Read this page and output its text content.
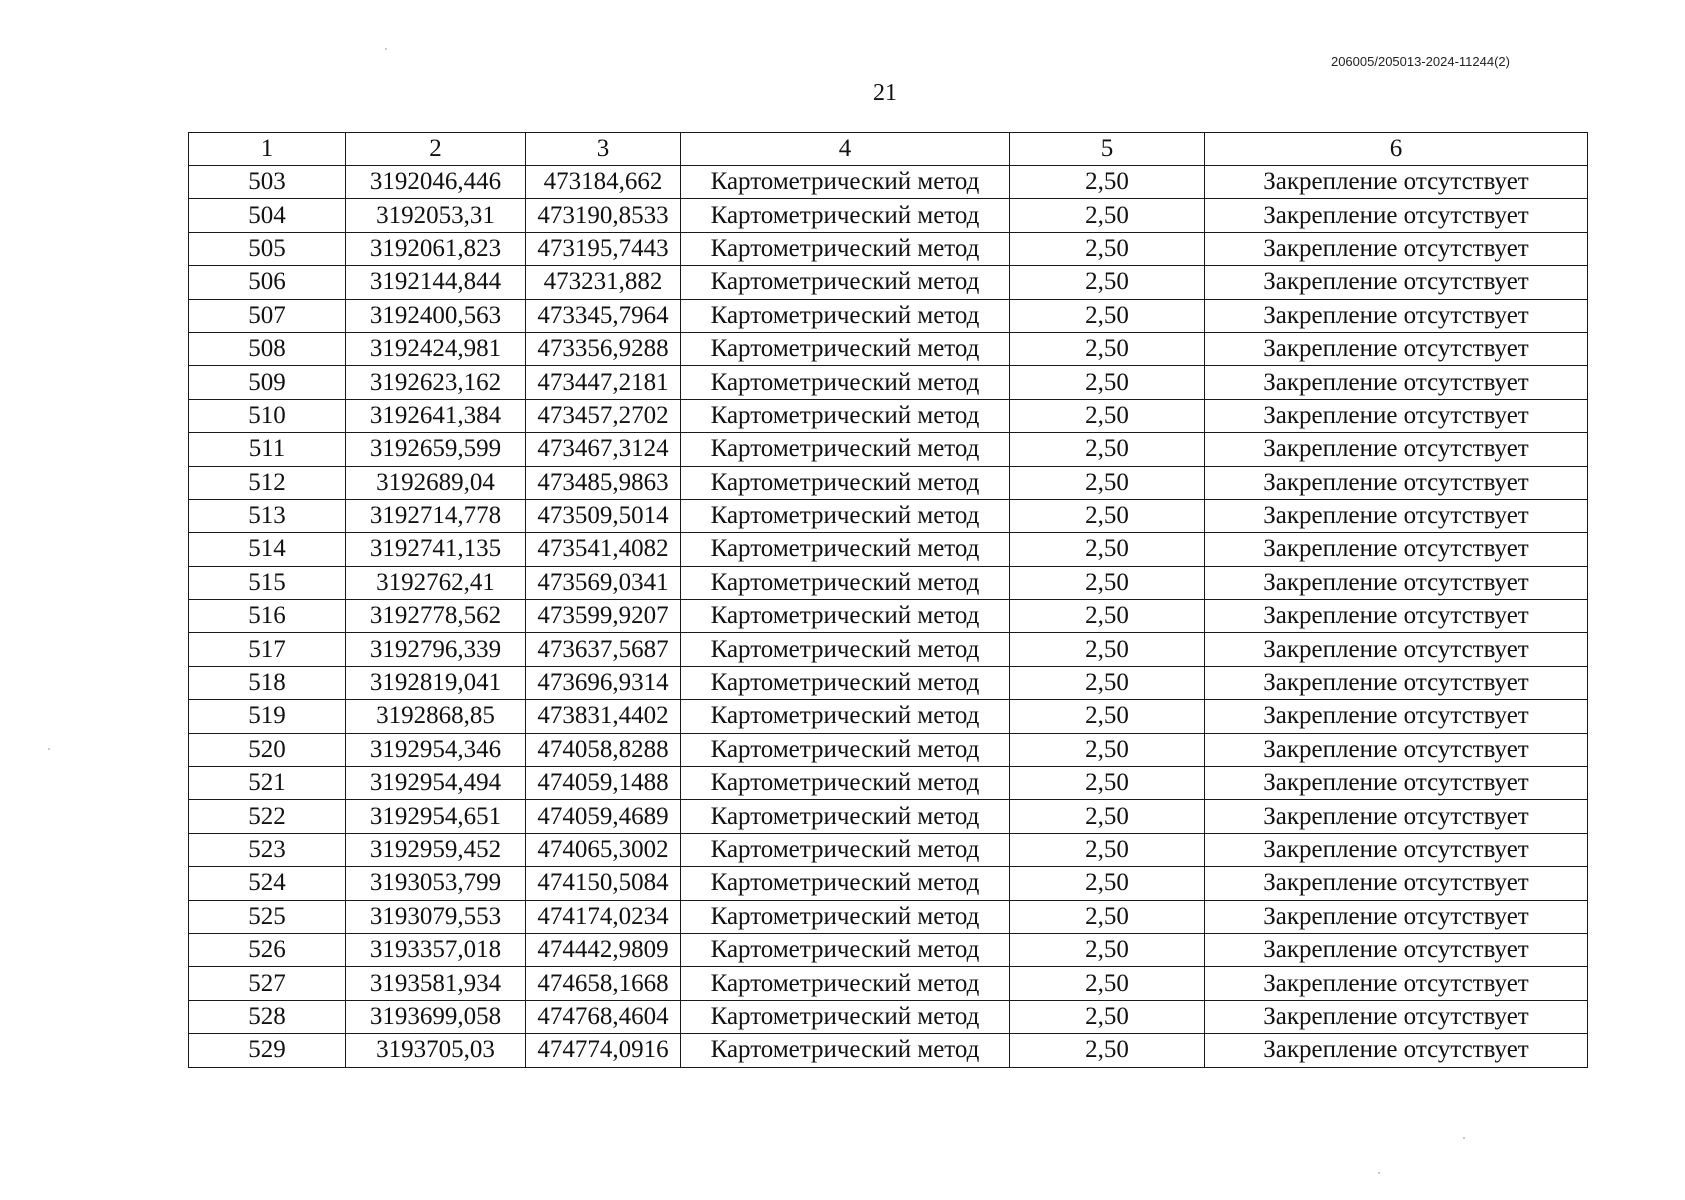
206005/205013-2024-11244(2)
21
1	2	3	4	5	6
503	3192046,446	473184,662	Картометрический метод	2,50	Закрепление отсутствует
504	3192053,31	473190,8533	Картометрический метод	2,50	Закрепление отсутствует
505	3192061,823	473195,7443	Картометрический метод	2,50	Закрепление отсутствует
506	3192144,844	473231,882	Картометрический метод	2,50	Закрепление отсутствует
507	3192400,563	473345,7964	Картометрический метод	2,50	Закрепление отсутствует
508	3192424,981	473356,9288	Картометрический метод	2,50	Закрепление отсутствует
509	3192623,162	473447,2181	Картометрический метод	2,50	Закрепление отсутствует
510	3192641,384	473457,2702	Картометрический метод	2,50	Закрепление отсутствует
511	3192659,599	473467,3124	Картометрический метод	2,50	Закрепление отсутствует
512	3192689,04	473485,9863	Картометрический метод	2,50	Закрепление отсутствует
513	3192714,778	473509,5014	Картометрический метод	2,50	Закрепление отсутствует
514	3192741,135	473541,4082	Картометрический метод	2,50	Закрепление отсутствует
515	3192762,41	473569,0341	Картометрический метод	2,50	Закрепление отсутствует
516	3192778,562	473599,9207	Картометрический метод	2,50	Закрепление отсутствует
517	3192796,339	473637,5687	Картометрический метод	2,50	Закрепление отсутствует
518	3192819,041	473696,9314	Картометрический метод	2,50	Закрепление отсутствует
519	3192868,85	473831,4402	Картометрический метод	2,50	Закрепление отсутствует
520	3192954,346	474058,8288	Картометрический метод	2,50	Закрепление отсутствует
521	3192954,494	474059,1488	Картометрический метод	2,50	Закрепление отсутствует
522	3192954,651	474059,4689	Картометрический метод	2,50	Закрепление отсутствует
523	3192959,452	474065,3002	Картометрический метод	2,50	Закрепление отсутствует
524	3193053,799	474150,5084	Картометрический метод	2,50	Закрепление отсутствует
525	3193079,553	474174,0234	Картометрический метод	2,50	Закрепление отсутствует
526	3193357,018	474442,9809	Картометрический метод	2,50	Закрепление отсутствует
527	3193581,934	474658,1668	Картометрический метод	2,50	Закрепление отсутствует
528	3193699,058	474768,4604	Картометрический метод	2,50	Закрепление отсутствует
529	3193705,03	474774,0916	Картометрический метод	2,50	Закрепление отсутствует
